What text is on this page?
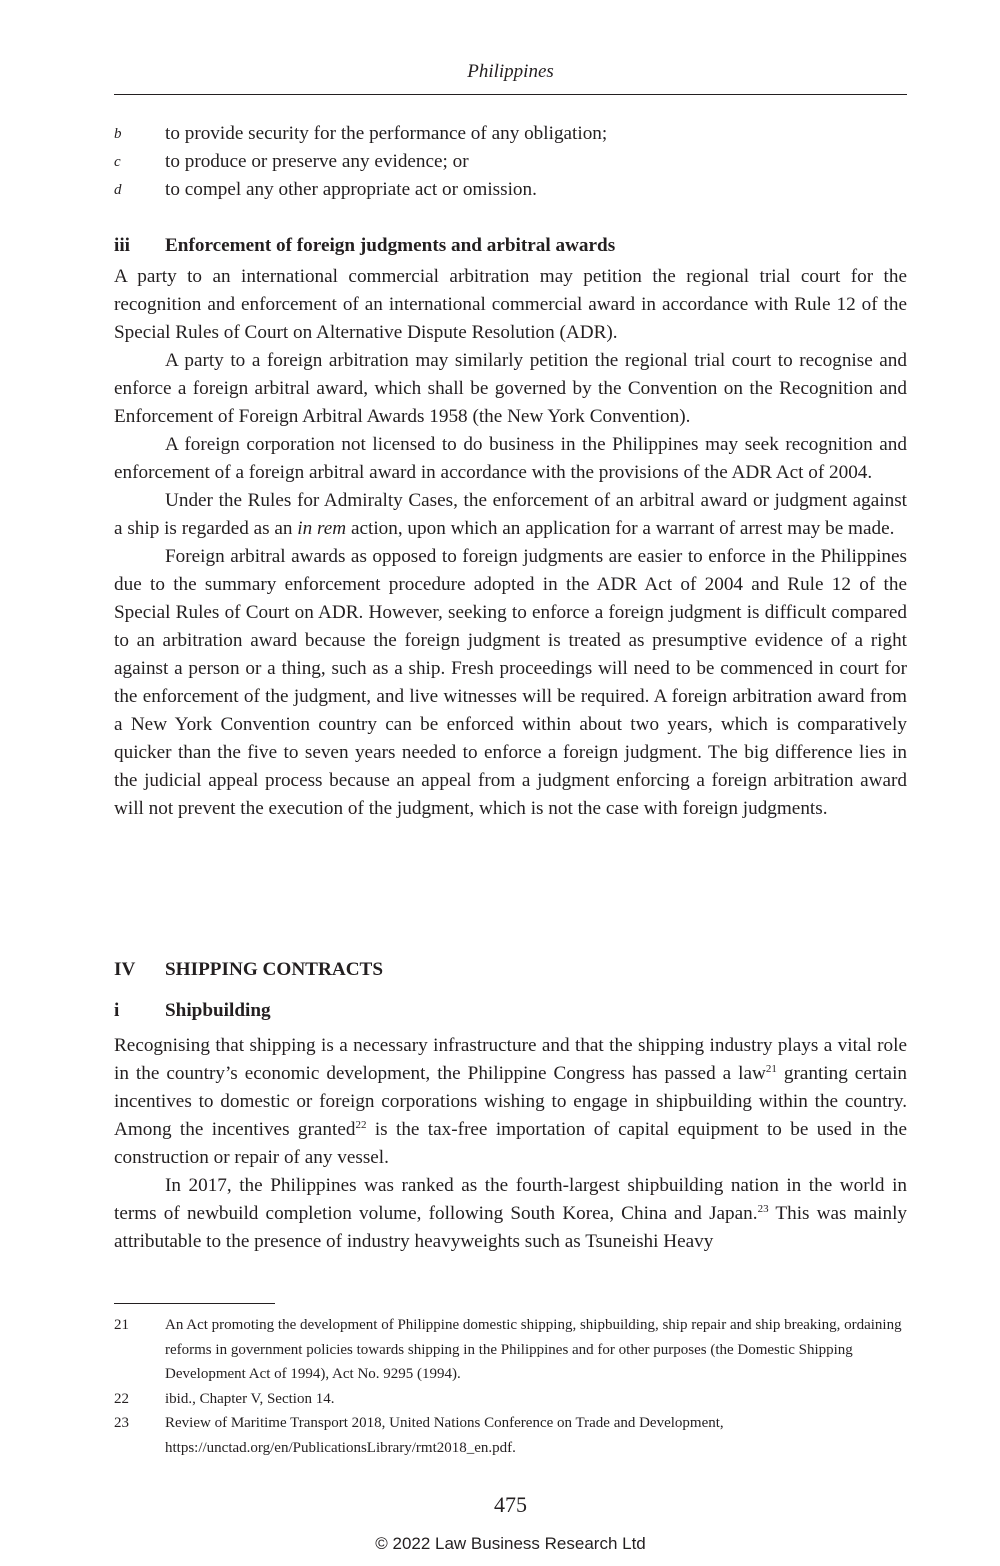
Philippines
b	to provide security for the performance of any obligation;
c	to produce or preserve any evidence; or
d	to compel any other appropriate act or omission.
iii	Enforcement of foreign judgments and arbitral awards

A party to an international commercial arbitration may petition the regional trial court for the recognition and enforcement of an international commercial award in accordance with Rule 12 of the Special Rules of Court on Alternative Dispute Resolution (ADR).

A party to a foreign arbitration may similarly petition the regional trial court to recognise and enforce a foreign arbitral award, which shall be governed by the Convention on the Recognition and Enforcement of Foreign Arbitral Awards 1958 (the New York Convention).

A foreign corporation not licensed to do business in the Philippines may seek recognition and enforcement of a foreign arbitral award in accordance with the provisions of the ADR Act of 2004.

Under the Rules for Admiralty Cases, the enforcement of an arbitral award or judgment against a ship is regarded as an in rem action, upon which an application for a warrant of arrest may be made.

Foreign arbitral awards as opposed to foreign judgments are easier to enforce in the Philippines due to the summary enforcement procedure adopted in the ADR Act of 2004 and Rule 12 of the Special Rules of Court on ADR. However, seeking to enforce a foreign judgment is difficult compared to an arbitration award because the foreign judgment is treated as presumptive evidence of a right against a person or a thing, such as a ship. Fresh proceedings will need to be commenced in court for the enforcement of the judgment, and live witnesses will be required. A foreign arbitration award from a New York Convention country can be enforced within about two years, which is comparatively quicker than the five to seven years needed to enforce a foreign judgment. The big difference lies in the judicial appeal process because an appeal from a judgment enforcing a foreign arbitration award will not prevent the execution of the judgment, which is not the case with foreign judgments.

IV	SHIPPING CONTRACTS
i	Shipbuilding

Recognising that shipping is a necessary infrastructure and that the shipping industry plays a vital role in the country’s economic development, the Philippine Congress has passed a law$^{21}$ granting certain incentives to domestic or foreign corporations wishing to engage in shipbuilding within the country. Among the incentives granted$^{22}$ is the tax-free importation of capital equipment to be used in the construction or repair of any vessel.

In 2017, the Philippines was ranked as the fourth-largest shipbuilding nation in the world in terms of newbuild completion volume, following South Korea, China and Japan.$^{23}$ This was mainly attributable to the presence of industry heavyweights such as Tsuneishi Heavy

21	An Act promoting the development of Philippine domestic shipping, shipbuilding, ship repair and ship breaking, ordaining reforms in government policies towards shipping in the Philippines and for other purposes (the Domestic Shipping Development Act of 1994), Act No. 9295 (1994).
22	ibid., Chapter V, Section 14.
23	Review of Maritime Transport 2018, United Nations Conference on Trade and Development, https://unctad.org/en/PublicationsLibrary/rmt2018_en.pdf.
475
© 2022 Law Business Research Ltd
